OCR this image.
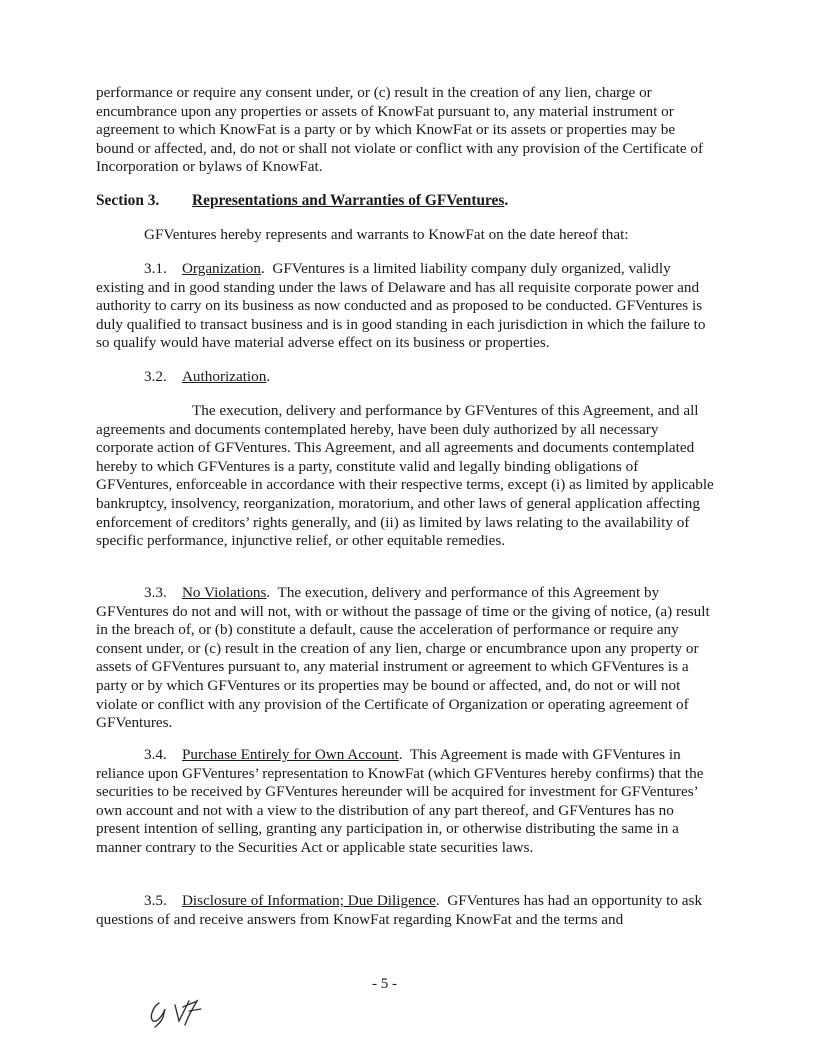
performance or require any consent under, or (c) result in the creation of any lien, charge or encumbrance upon any properties or assets of KnowFat pursuant to, any material instrument or agreement to which KnowFat is a party or by which KnowFat or its assets or properties may be bound or affected, and, do not or shall not violate or conflict with any provision of the Certificate of Incorporation or bylaws of KnowFat.

Section 3. Representations and Warranties of GFVentures.

GFVentures hereby represents and warrants to KnowFat on the date hereof that:

3.1. Organization.  GFVentures is a limited liability company duly organized, validly existing and in good standing under the laws of Delaware and has all requisite corporate power and authority to carry on its business as now conducted and as proposed to be conducted. GFVentures is duly qualified to transact business and is in good standing in each jurisdiction in which the failure to so qualify would have material adverse effect on its business or properties.

3.2. Authorization.

The execution, delivery and performance by GFVentures of this Agreement, and all agreements and documents contemplated hereby, have been duly authorized by all necessary corporate action of GFVentures. This Agreement, and all agreements and documents contemplated hereby to which GFVentures is a party, constitute valid and legally binding obligations of GFVentures, enforceable in accordance with their respective terms, except (i) as limited by applicable bankruptcy, insolvency, reorganization, moratorium, and other laws of general application affecting enforcement of creditors’ rights generally, and (ii) as limited by laws relating to the availability of specific performance, injunctive relief, or other equitable remedies.

3.3. No Violations.  The execution, delivery and performance of this Agreement by GFVentures do not and will not, with or without the passage of time or the giving of notice, (a) result in the breach of, or (b) constitute a default, cause the acceleration of performance or require any consent under, or (c) result in the creation of any lien, charge or encumbrance upon any property or assets of GFVentures pursuant to, any material instrument or agreement to which GFVentures is a party or by which GFVentures or its properties may be bound or affected, and, do not or will not violate or conflict with any provision of the Certificate of Organization or operating agreement of GFVentures.

3.4. Purchase Entirely for Own Account.  This Agreement is made with GFVentures in reliance upon GFVentures’ representation to KnowFat (which GFVentures hereby confirms) that the securities to be received by GFVentures hereunder will be acquired for investment for GFVentures’ own account and not with a view to the distribution of any part thereof, and GFVentures has no present intention of selling, granting any participation in, or otherwise distributing the same in a manner contrary to the Securities Act or applicable state securities laws.

3.5. Disclosure of Information; Due Diligence.  GFVentures has had an opportunity to ask questions of and receive answers from KnowFat regarding KnowFat and the terms and

- 5 -
